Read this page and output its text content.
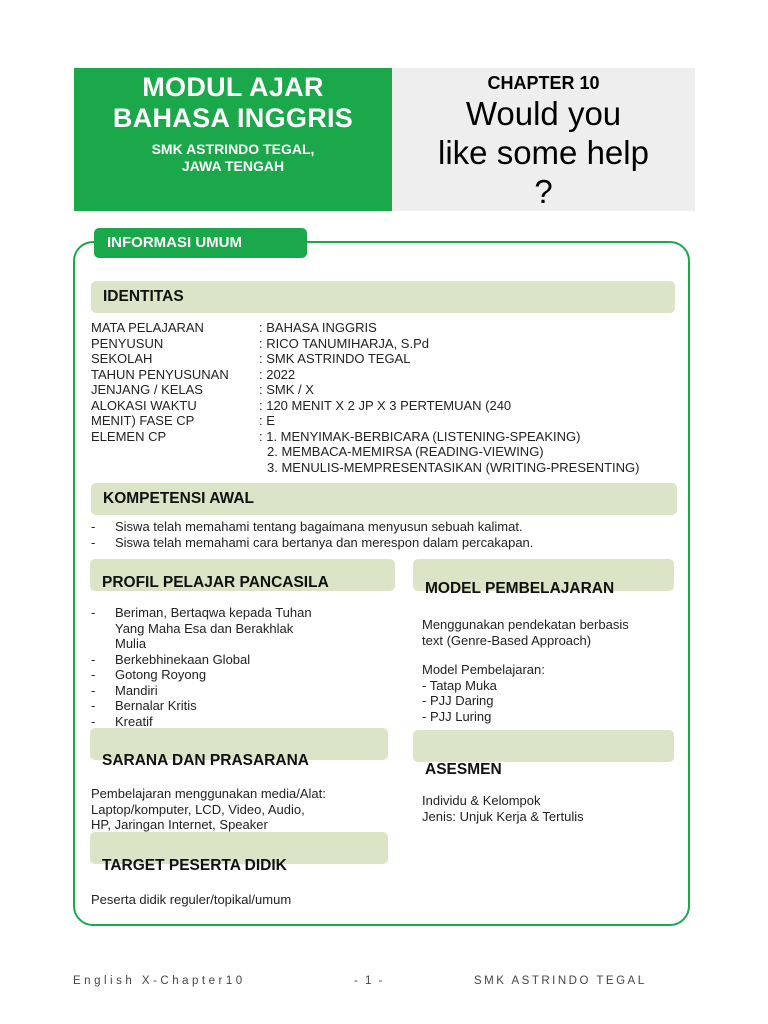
MODUL AJAR
BAHASA INGGRIS
SMK ASTRINDO TEGAL,
JAWA TENGAH
CHAPTER 10
Would you
like some help
?
INFORMASI UMUM
IDENTITAS
MATA PELAJARAN	: BAHASA INGGRIS
PENYUSUN	: RICO TANUMIHARJA, S.Pd
SEKOLAH	: SMK ASTRINDO TEGAL
TAHUN PENYUSUNAN	: 2022
JENJANG / KELAS	: SMK / X
ALOKASI WAKTU	: 120 MENIT X 2 JP X 3 PERTEMUAN (240
MENIT) FASE CP	: E
ELEMEN CP	: 1. MENYIMAK-BERBICARA (LISTENING-SPEAKING)
2. MEMBACA-MEMIRSA (READING-VIEWING)
3. MENULIS-MEMPRESENTASIKAN (WRITING-PRESENTING)
KOMPETENSI AWAL
-	Siswa telah memahami tentang bagaimana menyusun sebuah kalimat.
-	Siswa telah memahami cara bertanya dan merespon dalam percakapan.
PROFIL PELAJAR PANCASILA
-	Beriman, Bertaqwa kepada Tuhan
Yang Maha Esa dan Berakhlak
Mulia
-	Berkebhinekaan Global
-	Gotong Royong
-	Mandiri
-	Bernalar Kritis
-	Kreatif
MODEL PEMBELAJARAN
Menggunakan pendekatan berbasis
text (Genre-Based Approach)
Model Pembelajaran:
- Tatap Muka
- PJJ Daring
- PJJ Luring
SARANA DAN PRASARANA
Pembelajaran menggunakan media/Alat:
Laptop/komputer, LCD, Video, Audio,
HP, Jaringan Internet, Speaker
ASESMEN
Individu & Kelompok
Jenis: Unjuk Kerja & Tertulis
TARGET PESERTA DIDIK
Peserta didik reguler/topikal/umum
English X-Chapter10	- 1 -	SMK ASTRINDO TEGAL
